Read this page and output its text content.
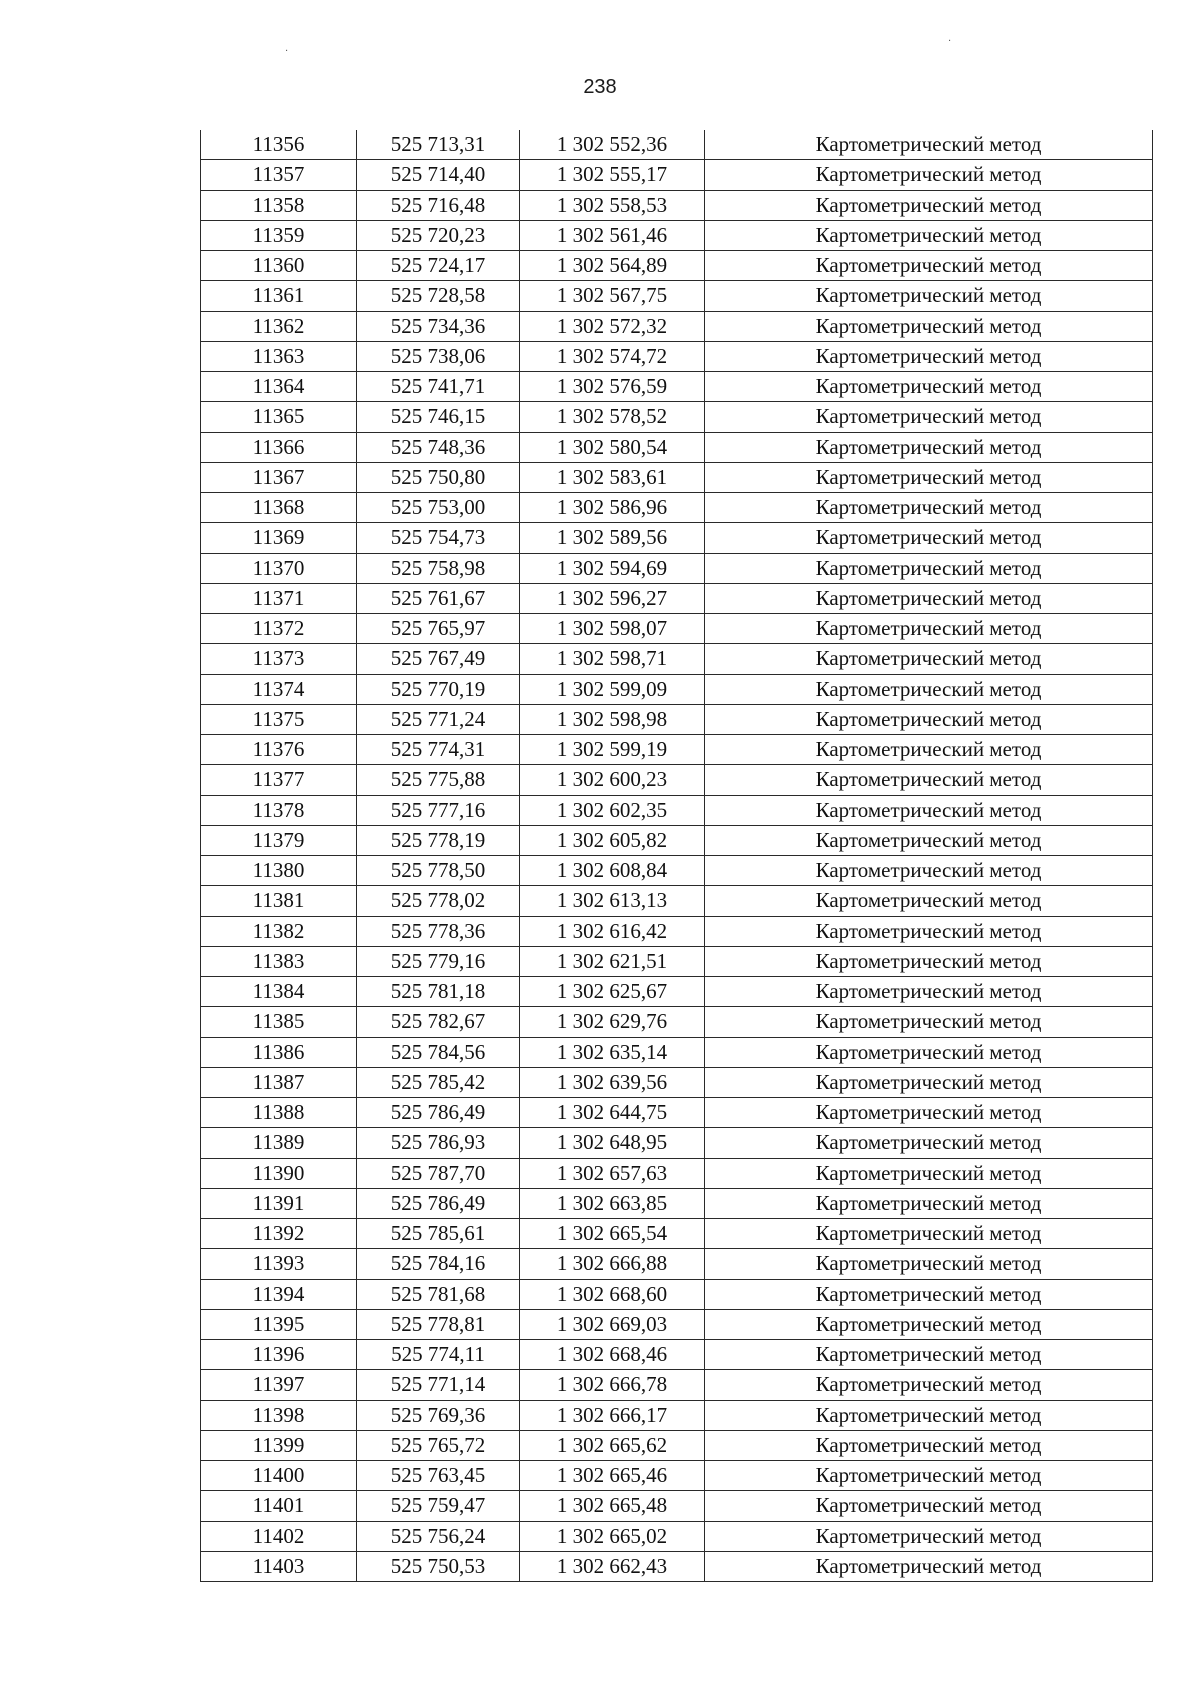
·
·
238
11356	525 713,31	1 302 552,36	Картометрический метод
11357	525 714,40	1 302 555,17	Картометрический метод
11358	525 716,48	1 302 558,53	Картометрический метод
11359	525 720,23	1 302 561,46	Картометрический метод
11360	525 724,17	1 302 564,89	Картометрический метод
11361	525 728,58	1 302 567,75	Картометрический метод
11362	525 734,36	1 302 572,32	Картометрический метод
11363	525 738,06	1 302 574,72	Картометрический метод
11364	525 741,71	1 302 576,59	Картометрический метод
11365	525 746,15	1 302 578,52	Картометрический метод
11366	525 748,36	1 302 580,54	Картометрический метод
11367	525 750,80	1 302 583,61	Картометрический метод
11368	525 753,00	1 302 586,96	Картометрический метод
11369	525 754,73	1 302 589,56	Картометрический метод
11370	525 758,98	1 302 594,69	Картометрический метод
11371	525 761,67	1 302 596,27	Картометрический метод
11372	525 765,97	1 302 598,07	Картометрический метод
11373	525 767,49	1 302 598,71	Картометрический метод
11374	525 770,19	1 302 599,09	Картометрический метод
11375	525 771,24	1 302 598,98	Картометрический метод
11376	525 774,31	1 302 599,19	Картометрический метод
11377	525 775,88	1 302 600,23	Картометрический метод
11378	525 777,16	1 302 602,35	Картометрический метод
11379	525 778,19	1 302 605,82	Картометрический метод
11380	525 778,50	1 302 608,84	Картометрический метод
11381	525 778,02	1 302 613,13	Картометрический метод
11382	525 778,36	1 302 616,42	Картометрический метод
11383	525 779,16	1 302 621,51	Картометрический метод
11384	525 781,18	1 302 625,67	Картометрический метод
11385	525 782,67	1 302 629,76	Картометрический метод
11386	525 784,56	1 302 635,14	Картометрический метод
11387	525 785,42	1 302 639,56	Картометрический метод
11388	525 786,49	1 302 644,75	Картометрический метод
11389	525 786,93	1 302 648,95	Картометрический метод
11390	525 787,70	1 302 657,63	Картометрический метод
11391	525 786,49	1 302 663,85	Картометрический метод
11392	525 785,61	1 302 665,54	Картометрический метод
11393	525 784,16	1 302 666,88	Картометрический метод
11394	525 781,68	1 302 668,60	Картометрический метод
11395	525 778,81	1 302 669,03	Картометрический метод
11396	525 774,11	1 302 668,46	Картометрический метод
11397	525 771,14	1 302 666,78	Картометрический метод
11398	525 769,36	1 302 666,17	Картометрический метод
11399	525 765,72	1 302 665,62	Картометрический метод
11400	525 763,45	1 302 665,46	Картометрический метод
11401	525 759,47	1 302 665,48	Картометрический метод
11402	525 756,24	1 302 665,02	Картометрический метод
11403	525 750,53	1 302 662,43	Картометрический метод
